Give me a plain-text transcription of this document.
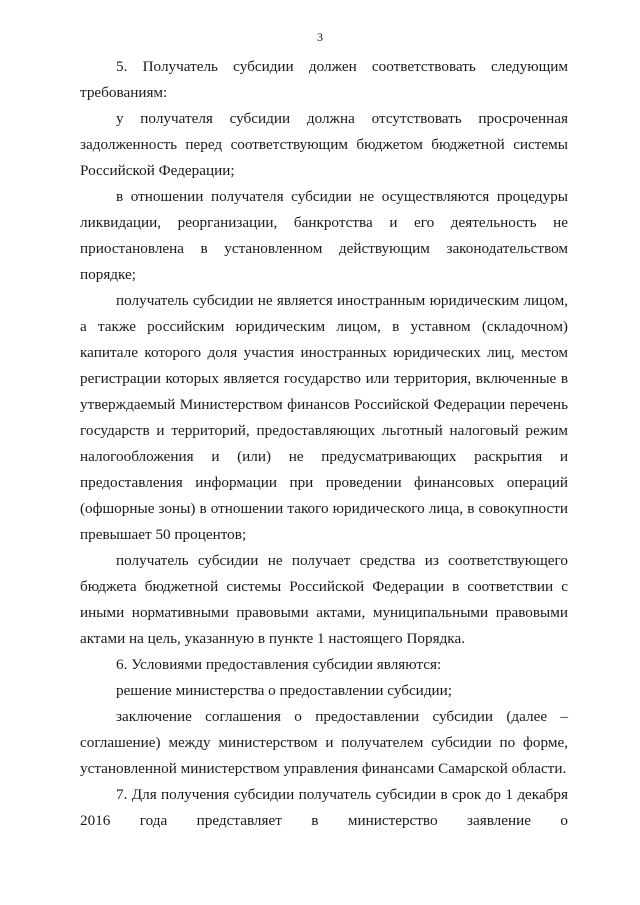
3

5. Получатель субсидии должен соответствовать следующим требованиям:

у получателя субсидии должна отсутствовать просроченная задолженность перед соответствующим бюджетом бюджетной системы Российской Федерации;

в отношении получателя субсидии не осуществляются процедуры ликвидации, реорганизации, банкротства и его деятельность не приостановлена в установленном действующим законодательством порядке;

получатель субсидии не является иностранным юридическим лицом, а также российским юридическим лицом, в уставном (складочном) капитале которого доля участия иностранных юридических лиц, местом регистрации которых является государство или территория, включенные в утверждаемый Министерством финансов Российской Федерации перечень государств и территорий, предоставляющих льготный налоговый режим налогообложения и (или) не предусматривающих раскрытия и предоставления информации при проведении финансовых операций (офшорные зоны) в отношении такого юридического лица, в совокупности превышает 50 процентов;

получатель субсидии не получает средства из соответствующего бюджета бюджетной системы Российской Федерации в соответствии с иными нормативными правовыми актами, муниципальными правовыми актами на цель, указанную в пункте 1 настоящего Порядка.

6. Условиями предоставления субсидии являются:

решение министерства о предоставлении субсидии;

заключение соглашения о предоставлении субсидии (далее – соглашение) между министерством и получателем субсидии по форме, установленной министерством управления финансами Самарской области.

7. Для получения субсидии получатель субсидии в срок до 1 декабря 2016 года представляет в министерство заявление о
